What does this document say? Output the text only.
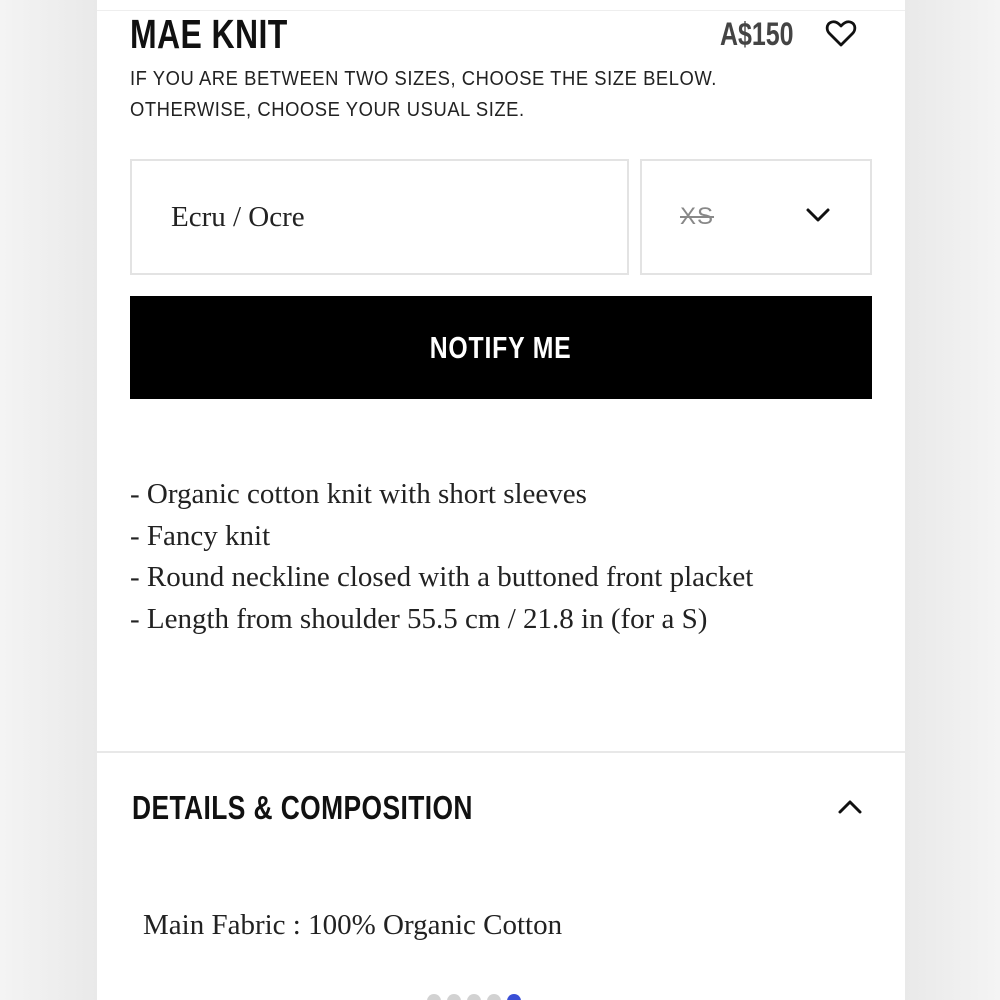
MAE KNIT	A$150

IF YOU ARE BETWEEN TWO SIZES, CHOOSE THE SIZE BELOW. OTHERWISE, CHOOSE YOUR USUAL SIZE.

Ecru / Ocre	XS
NOTIFY ME
- Organic cotton knit with short sleeves
- Fancy knit
- Round neckline closed with a buttoned front placket
- Length from shoulder 55.5 cm / 21.8 in (for a S)
DETAILS & COMPOSITION
Main Fabric : 100% Organic Cotton
